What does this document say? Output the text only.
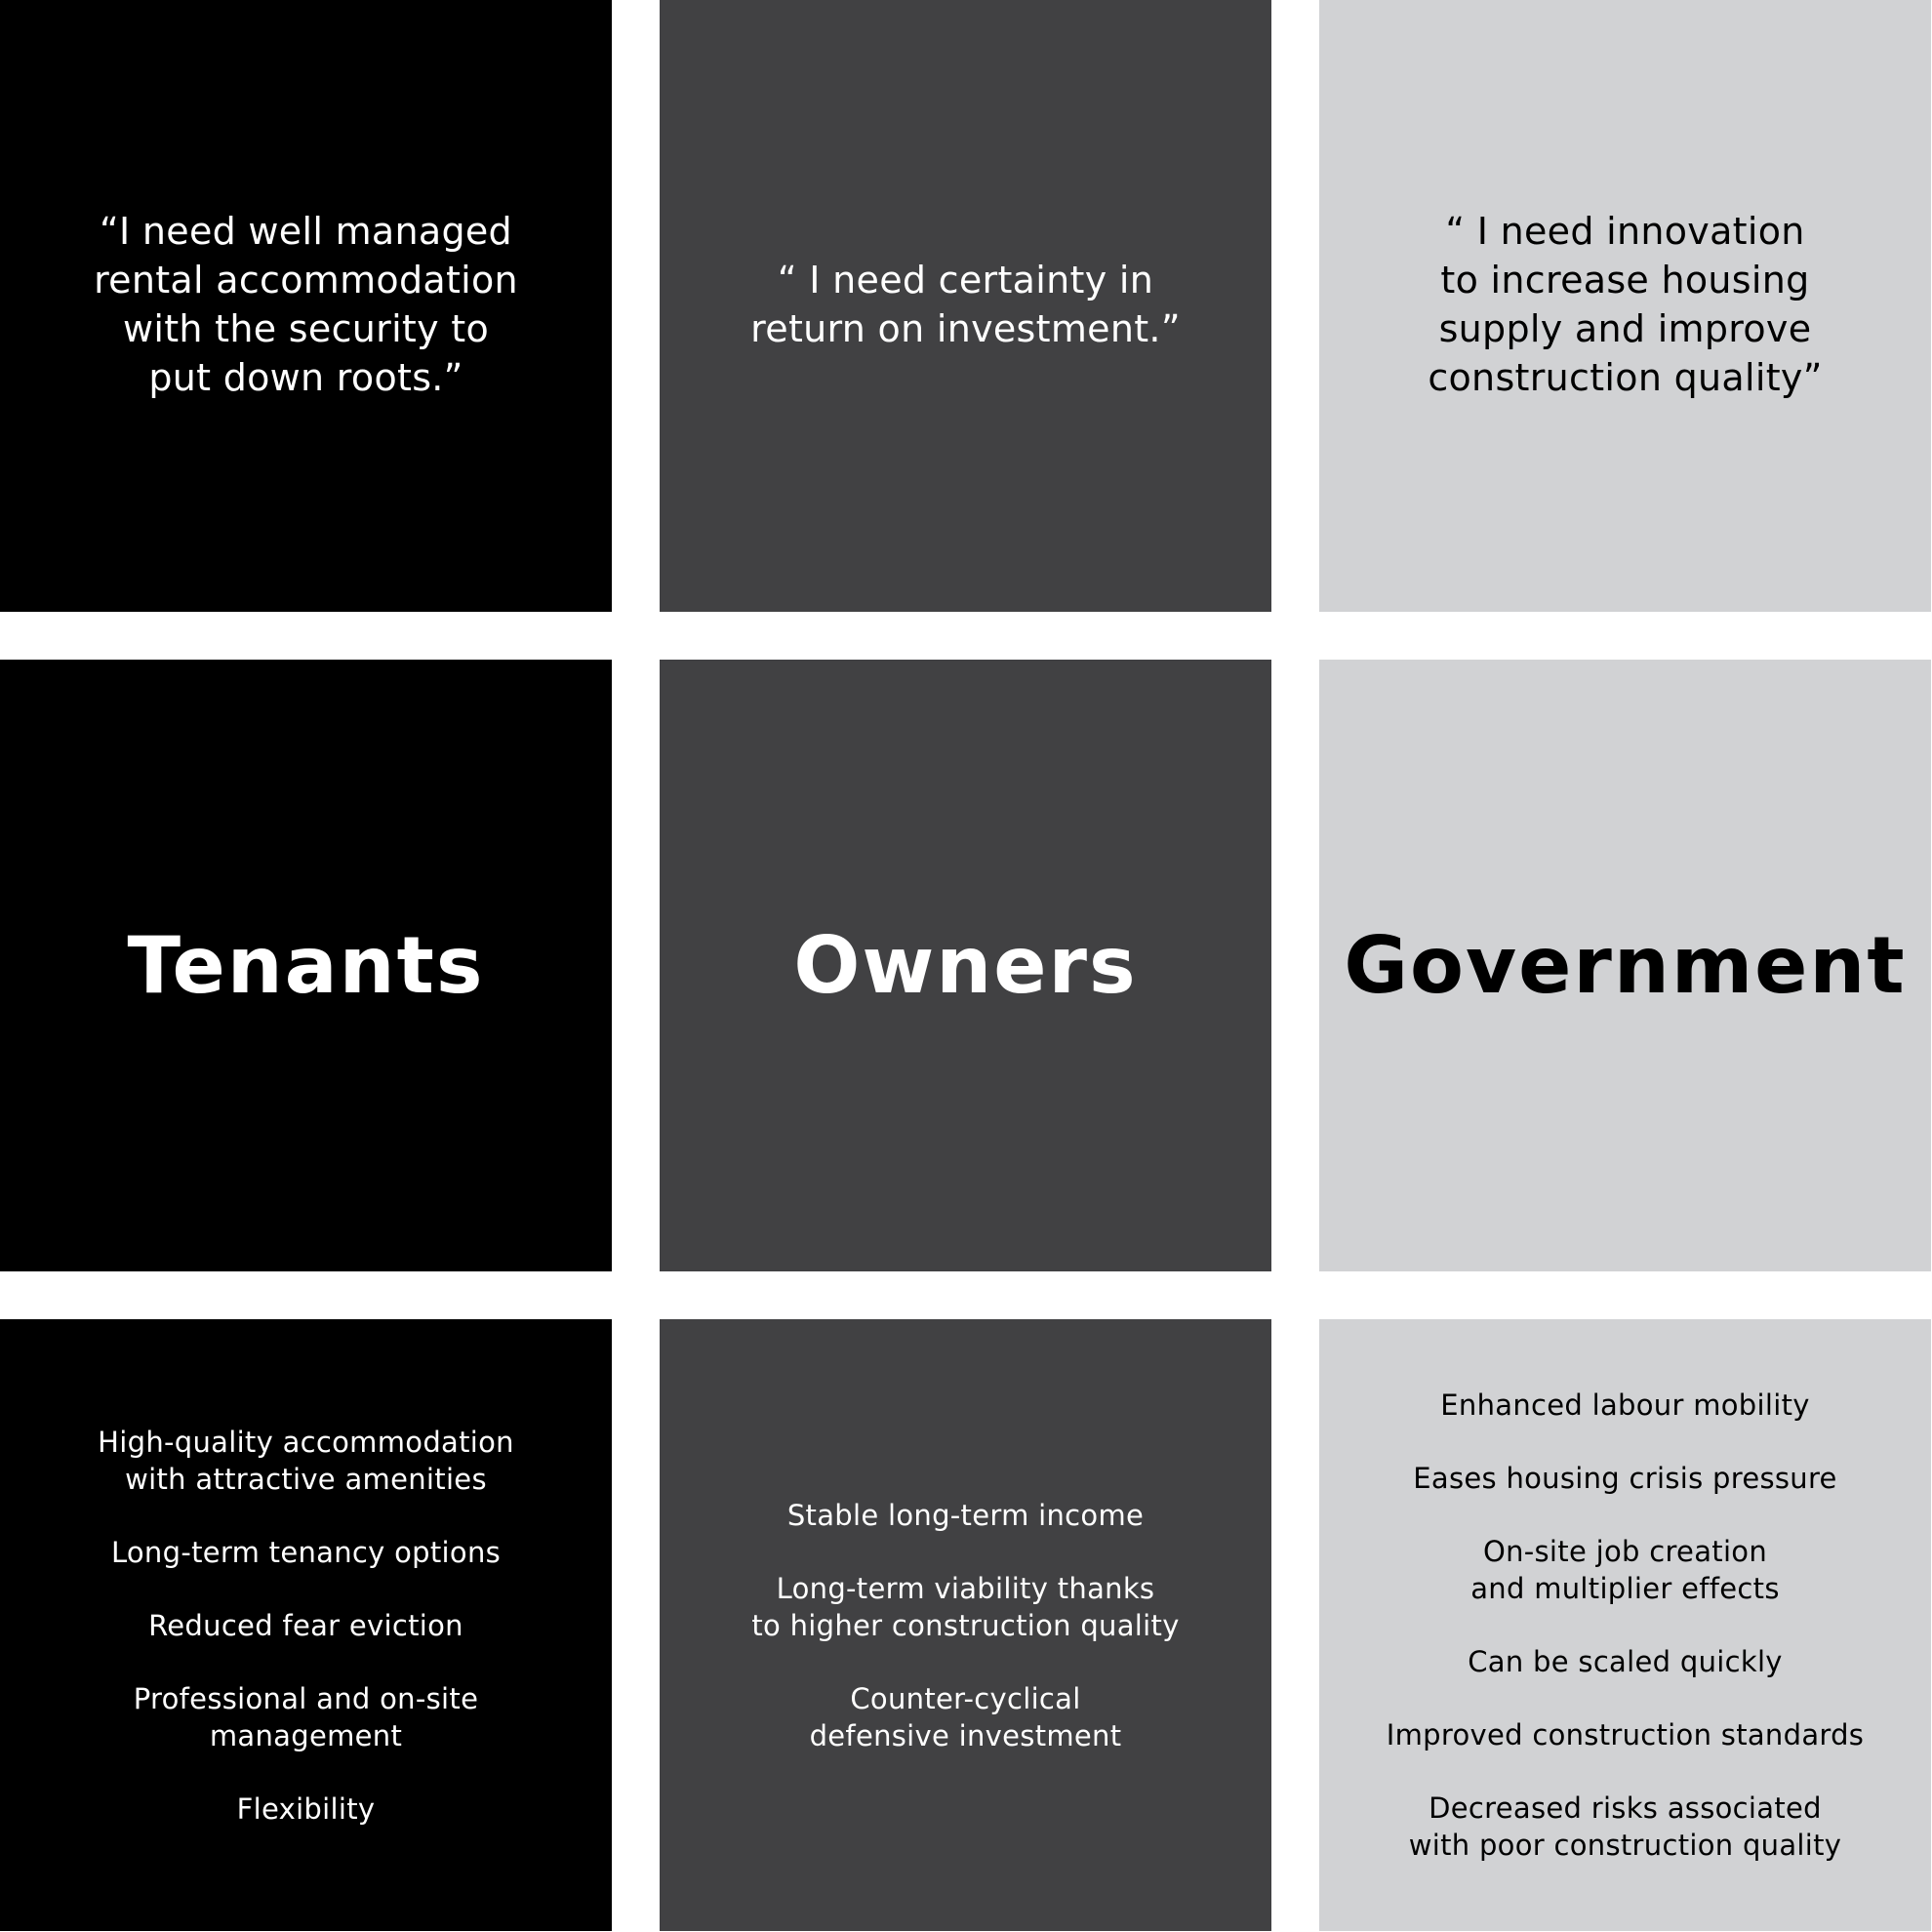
“I need well managed
rental accommodation
with the security to
put down roots.”
“ I need certainty in
return on investment.”
“ I need innovation
to increase housing
supply and improve
construction quality”
Tenants	Owners	Government
High-quality accommodation
with attractive amenities
Long-term tenancy options
Reduced fear eviction
Professional and on-site
management
Flexibility
Stable long-term income
Long-term viability thanks
to higher construction quality
Counter-cyclical
defensive investment
Enhanced labour mobility
Eases housing crisis pressure
On-site job creation
and multiplier effects
Can be scaled quickly
Improved construction standards
Decreased risks associated
with poor construction quality
